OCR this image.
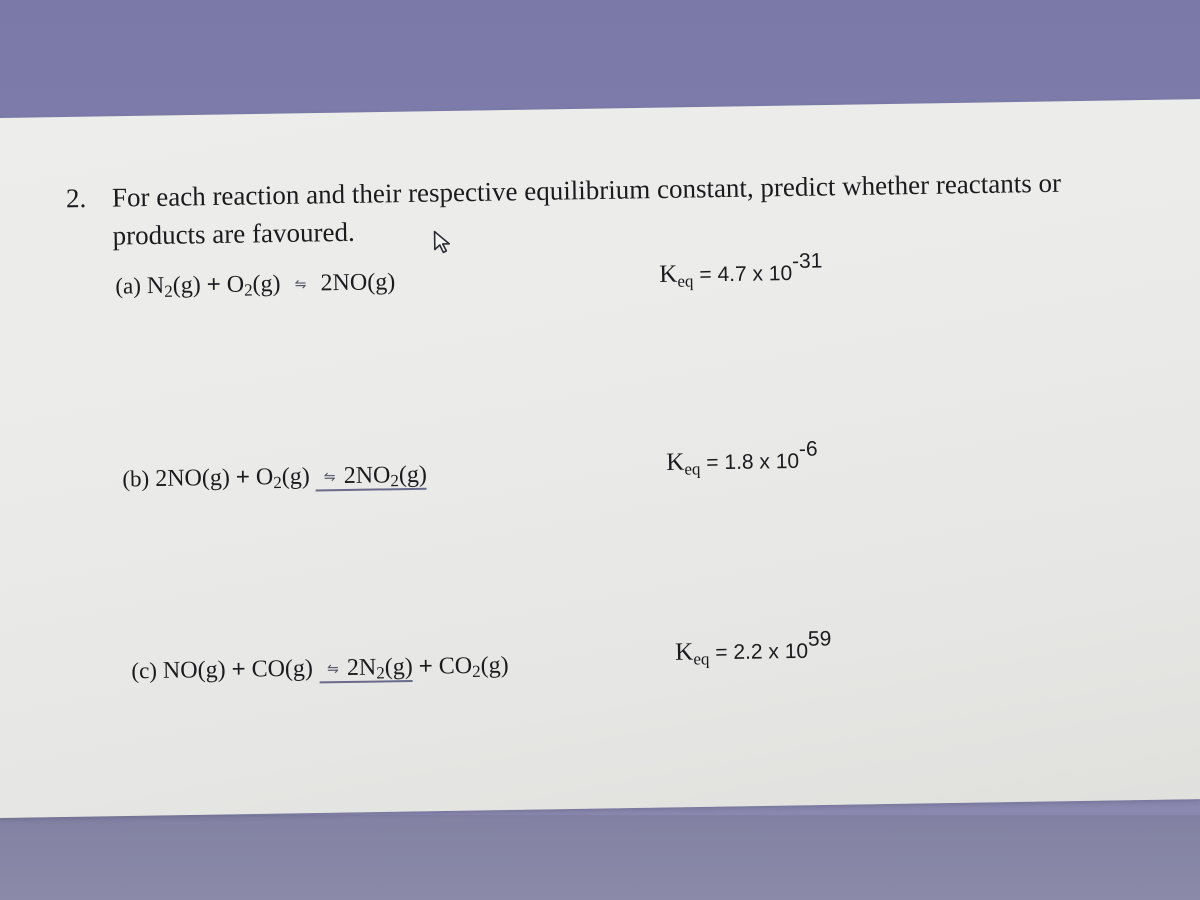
2. For each reaction and their respective equilibrium constant, predict whether reactants or
products are favoured.
(a) $N_2(g) + O_2(g)$ ⇋ 2NO(g)	$K_{eq} = 4.7$ x $10^{-31}$
(b) $2NO(g) + O_2(g)$ ⇋ $2NO_2(g)$	$K_{eq} = 1.8$ x $10^{-6}$
(c) NO(g) + CO(g) ⇋ $2N_2(g) + CO_2(g)$	$K_{eq} = 2.2$ x $10^{59}$
